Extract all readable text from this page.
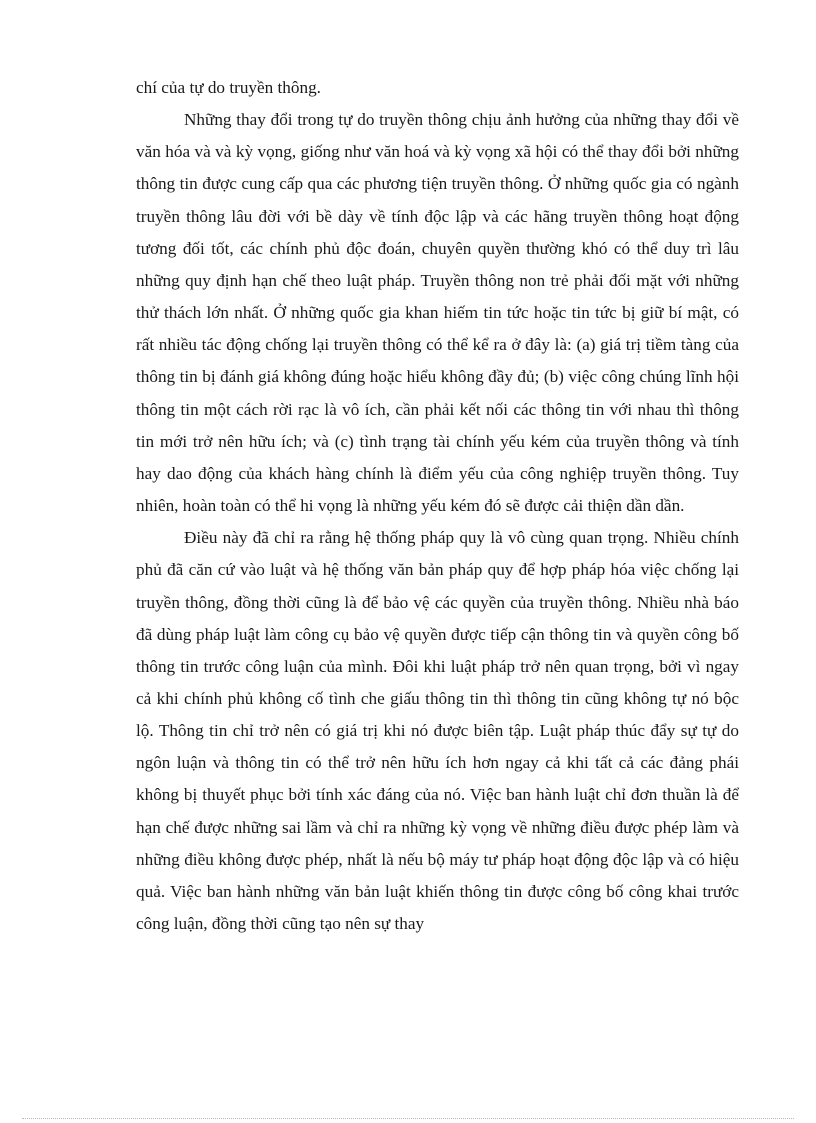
chí của tự do truyền thông.

Những thay đổi trong tự do truyền thông chịu ảnh hưởng của những thay đổi về văn hóa và và kỳ vọng, giống như văn hoá và kỳ vọng xã hội có thể thay đổi bởi những thông tin được cung cấp qua các phương tiện truyền thông. Ở những quốc gia có ngành truyền thông lâu đời với bề dày về tính độc lập và các hãng truyền thông hoạt động tương đối tốt, các chính phủ độc đoán, chuyên quyền thường khó có thể duy trì lâu những quy định hạn chế theo luật pháp. Truyền thông non trẻ phải đối mặt với những thử thách lớn nhất. Ở những quốc gia khan hiếm tin tức hoặc tin tức bị giữ bí mật, có rất nhiều tác động chống lại truyền thông có thể kể ra ở đây là: (a) giá trị tiềm tàng của thông tin bị đánh giá không đúng hoặc hiểu không đầy đủ; (b) việc công chúng lĩnh hội thông tin một cách rời rạc là vô ích, cần phải kết nối các thông tin với nhau thì thông tin mới trở nên hữu ích; và (c) tình trạng tài chính yếu kém của truyền thông và tính hay dao động của khách hàng chính là điểm yếu của công nghiệp truyền thông. Tuy nhiên, hoàn toàn có thể hi vọng là những yếu kém đó sẽ được cải thiện dần dần.

Điều này đã chỉ ra rằng hệ thống pháp quy là vô cùng quan trọng. Nhiều chính phủ đã căn cứ vào luật và hệ thống văn bản pháp quy để hợp pháp hóa việc chống lại truyền thông, đồng thời cũng là để bảo vệ các quyền của truyền thông. Nhiều nhà báo đã dùng pháp luật làm công cụ bảo vệ quyền được tiếp cận thông tin và quyền công bố thông tin trước công luận của mình. Đôi khi luật pháp trở nên quan trọng, bởi vì ngay cả khi chính phủ không cố tình che giấu thông tin thì thông tin cũng không tự nó bộc lộ. Thông tin chỉ trở nên có giá trị khi nó được biên tập. Luật pháp thúc đẩy sự tự do ngôn luận và thông tin có thể trở nên hữu ích hơn ngay cả khi tất cả các đảng phái không bị thuyết phục bởi tính xác đáng của nó. Việc ban hành luật chỉ đơn thuần là để hạn chế được những sai lầm và chỉ ra những kỳ vọng về những điều được phép làm và những điều không được phép, nhất là nếu bộ máy tư pháp hoạt động độc lập và có hiệu quả. Việc ban hành những văn bản luật khiến thông tin được công bố công khai trước công luận, đồng thời cũng tạo nên sự thay
